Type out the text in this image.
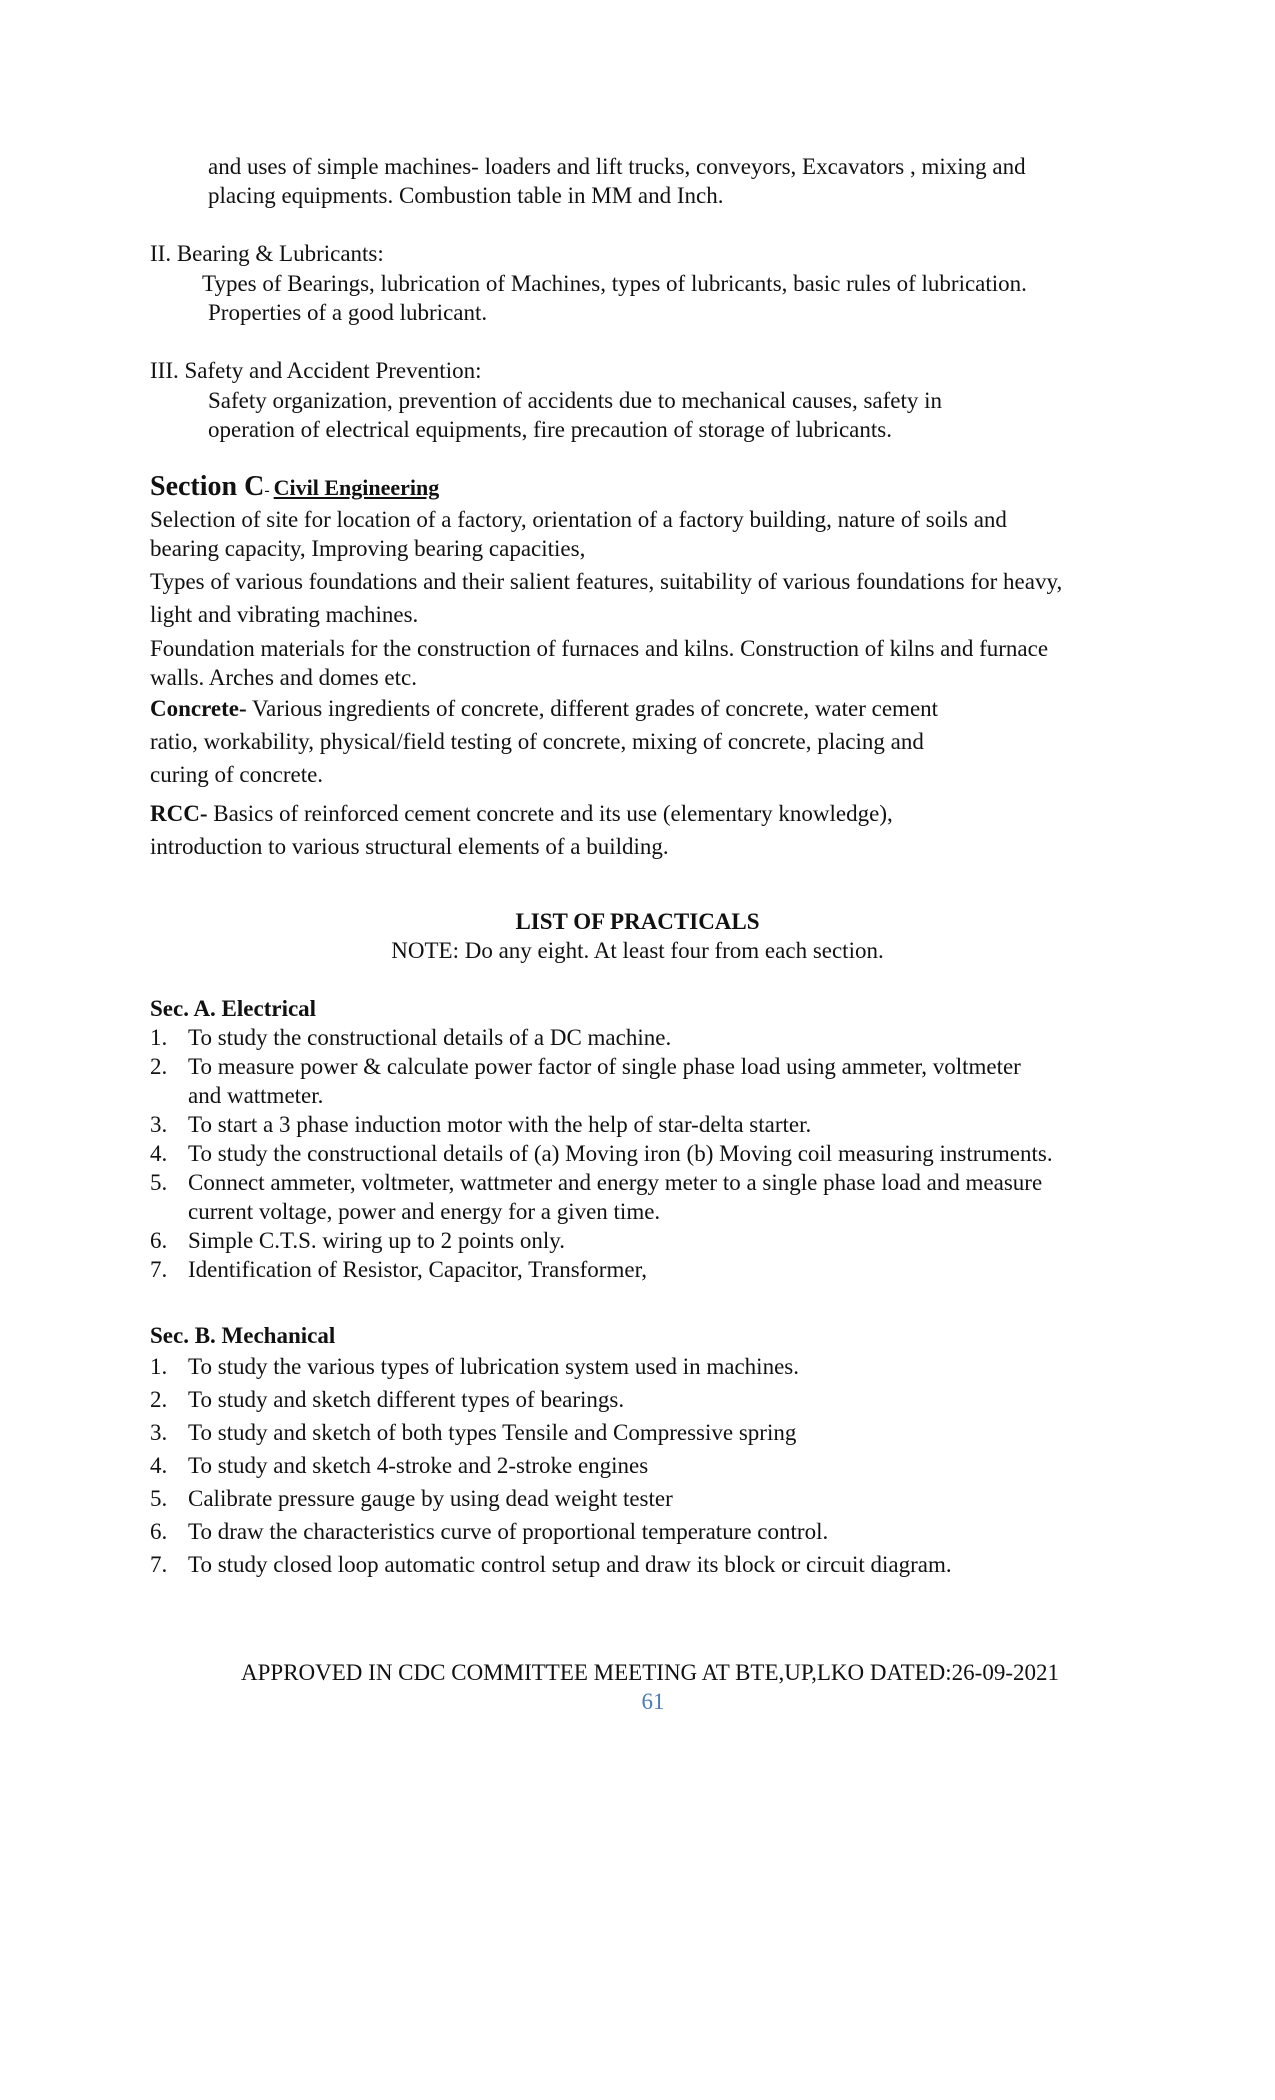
and uses of simple machines- loaders and lift trucks, conveyors, Excavators , mixing and
placing equipments. Combustion table in MM and Inch.
II. Bearing & Lubricants:
Types of Bearings, lubrication of Machines, types of lubricants, basic rules of lubrication.
Properties of a good lubricant.
III. Safety and Accident Prevention:
Safety organization, prevention of accidents due to mechanical causes, safety in
operation of electrical equipments, fire precaution of storage of lubricants.
Section C- Civil Engineering
Selection of site for location of a factory, orientation of a factory building, nature of soils and
bearing capacity, Improving bearing capacities,
Types of various foundations and their salient features, suitability of various foundations for heavy,
light and vibrating machines.
Foundation materials for the construction of furnaces and kilns. Construction of kilns and furnace
walls. Arches and domes etc.
Concrete- Various ingredients of concrete, different grades of concrete, water cement
ratio, workability, physical/field testing of concrete, mixing of concrete, placing and
curing of concrete.
RCC- Basics of reinforced cement concrete and its use (elementary knowledge),
introduction to various structural elements of a building.
LIST OF PRACTICALS
NOTE: Do any eight. At least four from each section.
Sec. A. Electrical
1. To study the constructional details of a DC machine.
2. To measure power & calculate power factor of single phase load using ammeter, voltmeter
and wattmeter.
3. To start a 3 phase induction motor with the help of star-delta starter.
4. To study the constructional details of (a) Moving iron (b) Moving coil measuring instruments.
5. Connect ammeter, voltmeter, wattmeter and energy meter to a single phase load and measure
current voltage, power and energy for a given time.
6. Simple C.T.S. wiring up to 2 points only.
7. Identification of Resistor, Capacitor, Transformer,
Sec. B. Mechanical
1. To study the various types of lubrication system used in machines.
2. To study and sketch different types of bearings.
3. To study and sketch of both types Tensile and Compressive spring
4. To study and sketch 4-stroke and 2-stroke engines
5. Calibrate pressure gauge by using dead weight tester
6. To draw the characteristics curve of proportional temperature control.
7. To study closed loop automatic control setup and draw its block or circuit diagram.
APPROVED IN CDC COMMITTEE MEETING AT BTE,UP,LKO DATED:26-09-2021
61
